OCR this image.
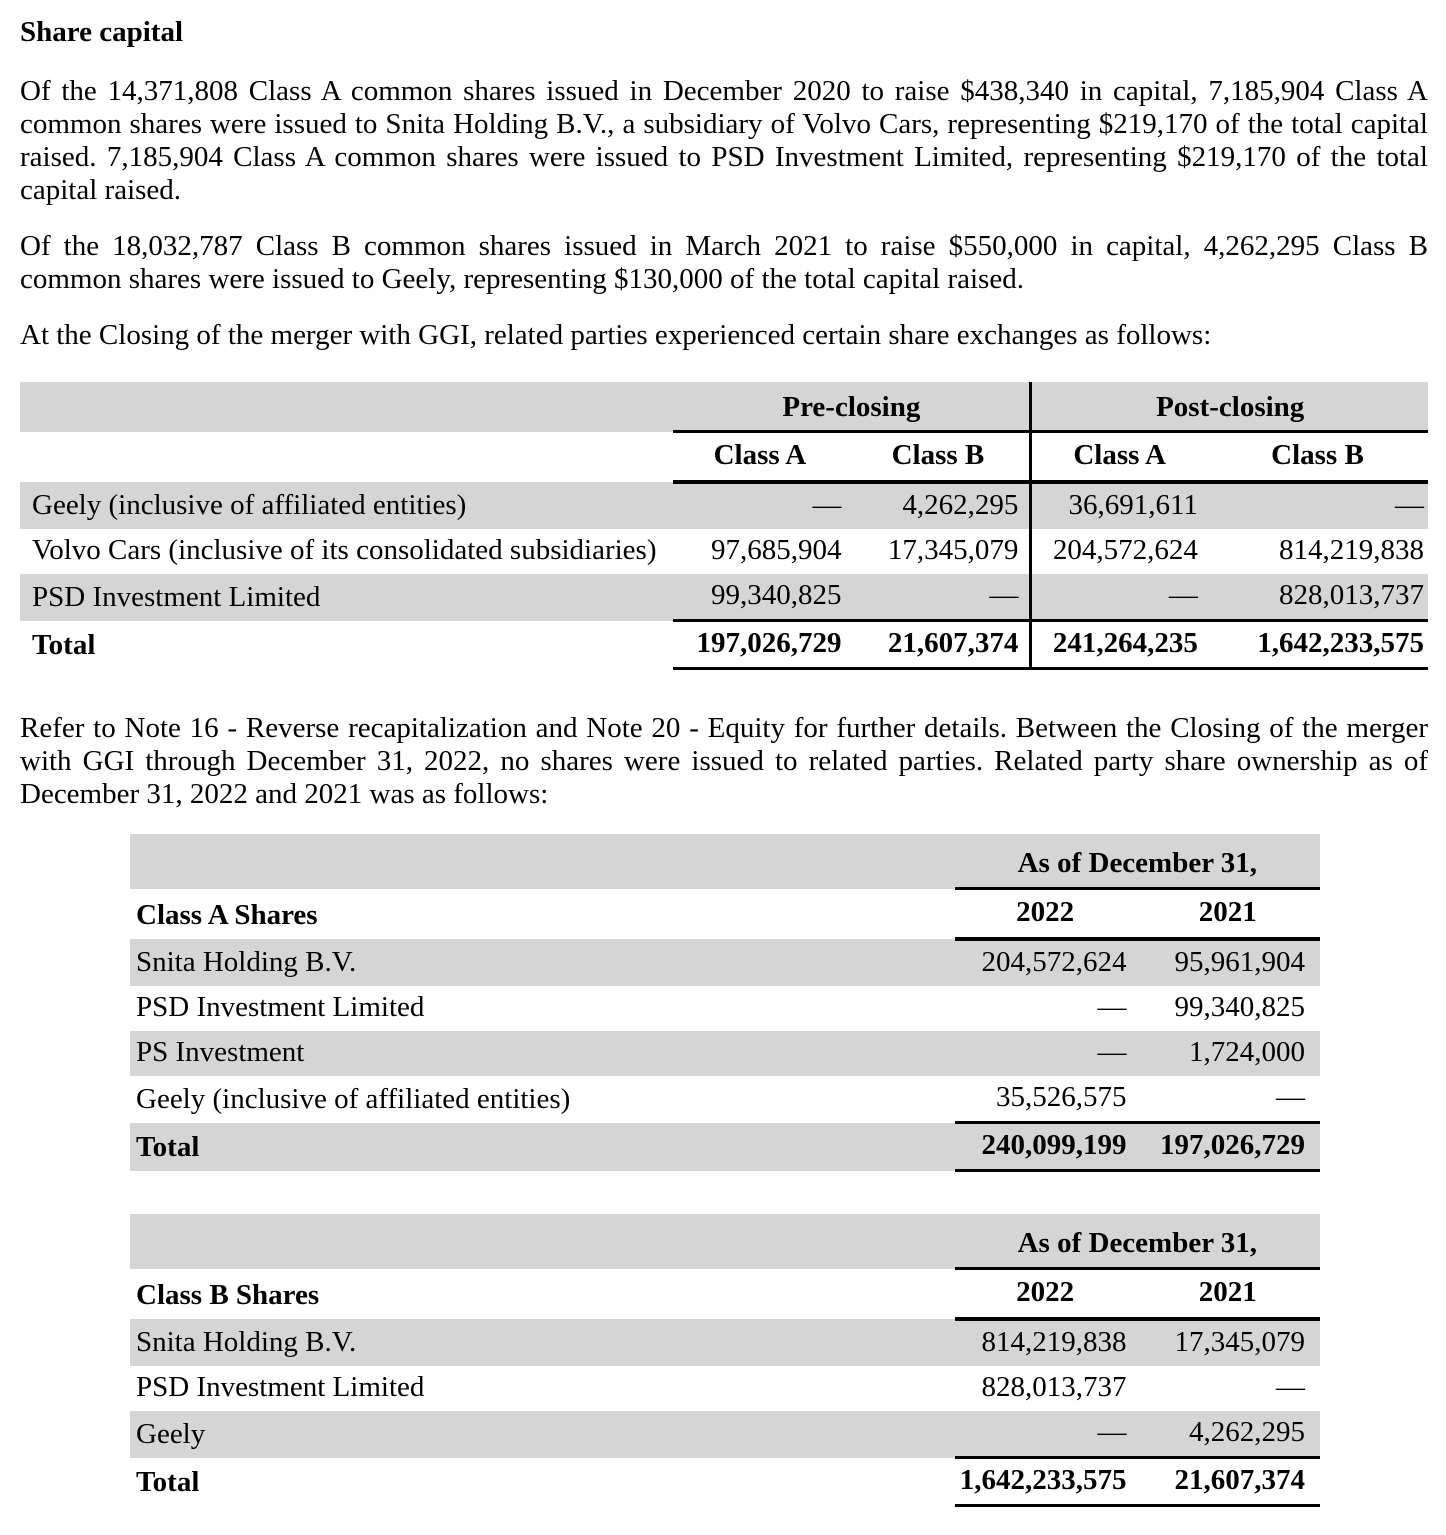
Share capital

Of the 14,371,808 Class A common shares issued in December 2020 to raise $438,340 in capital, 7,185,904 Class A common shares were issued to Snita Holding B.V., a subsidiary of Volvo Cars, representing $219,170 of the total capital raised. 7,185,904 Class A common shares were issued to PSD Investment Limited, representing $219,170 of the total capital raised.

Of the 18,032,787 Class B common shares issued in March 2021 to raise $550,000 in capital, 4,262,295 Class B common shares were issued to Geely, representing $130,000 of the total capital raised.

At the Closing of the merger with GGI, related parties experienced certain share exchanges as follows:

	Pre-closing		Post-closing	
	Class A	Class B	Class A	Class B
Geely (inclusive of affiliated entities)	—	4,262,295	36,691,611	—
Volvo Cars (inclusive of its consolidated subsidiaries)	97,685,904	17,345,079	204,572,624	814,219,838
PSD Investment Limited	99,340,825	—	—	828,013,737
Total	197,026,729	21,607,374	241,264,235	1,642,233,575

Refer to Note 16 - Reverse recapitalization and Note 20 - Equity for further details. Between the Closing of the merger with GGI through December 31, 2022, no shares were issued to related parties. Related party share ownership as of December 31, 2022 and 2021 was as follows:

	As of December 31,	
Class A Shares	2022	2021
Snita Holding B.V.	204,572,624	95,961,904
PSD Investment Limited	—	99,340,825
PS Investment	—	1,724,000
Geely (inclusive of affiliated entities)	35,526,575	—
Total	240,099,199	197,026,729
	As of December 31,	
Class B Shares	2022	2021
Snita Holding B.V.	814,219,838	17,345,079
PSD Investment Limited	828,013,737	—
Geely	—	4,262,295
Total	1,642,233,575	21,607,374
